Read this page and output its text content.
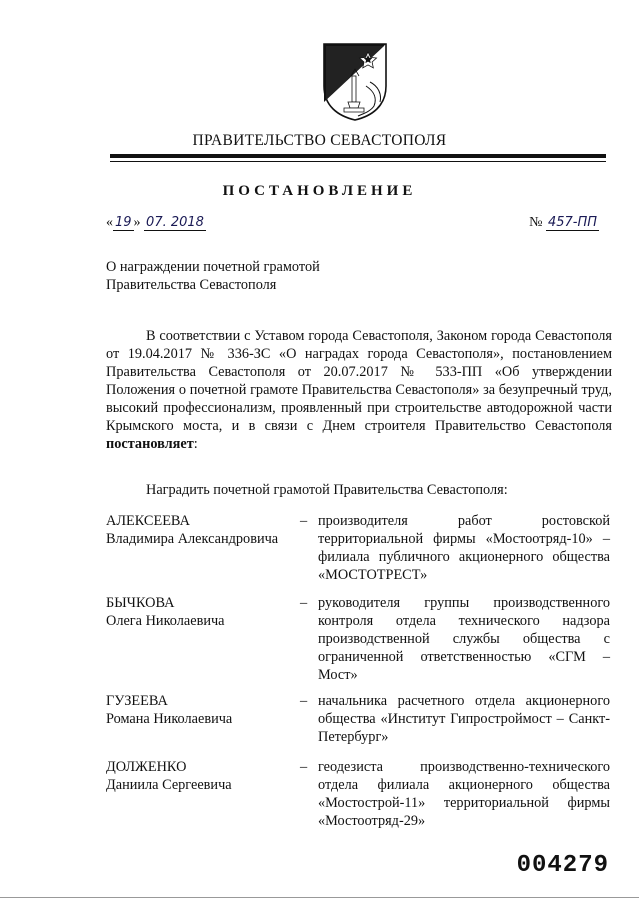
ПРАВИТЕЛЬСТВО СЕВАСТОПОЛЯ
ПОСТАНОВЛЕНИЕ
« 19 » 07. 2018	№ 457-ПП
О награждении почетной грамотой
Правительства Севастополя
В соответствии с Уставом города Севастополя, Законом города Севастополя от 19.04.2017 № 336-ЗС «О наградах города Севастополя», постановлением Правительства Севастополя от 20.07.2017 № 533-ПП «Об утверждении Положения о почетной грамоте Правительства Севастополя» за безупречный труд, высокий профессионализм, проявленный при строительстве автодорожной части Крымского моста, и в связи с Днем строителя Правительство Севастополя постановляет:
Наградить почетной грамотой Правительства Севастополя:
АЛЕКСЕЕВА
Владимира Александровича
– производителя работ ростовской территориальной фирмы «Мостоотряд-10» – филиала публичного акционерного общества «МОСТОТРЕСТ»
БЫЧКОВА
Олега Николаевича
– руководителя группы производственного контроля отдела технического надзора производственной службы общества с ограниченной ответственностью «СГМ – Мост»
ГУЗЕЕВА
Романа Николаевича
– начальника расчетного отдела акционерного общества «Институт Гипростроймост – Санкт-Петербург»
ДОЛЖЕНКО
Даниила Сергеевича
– геодезиста производственно-технического отдела филиала акционерного общества «Мостострой-11» территориальной фирмы «Мостоотряд-29»
004279
